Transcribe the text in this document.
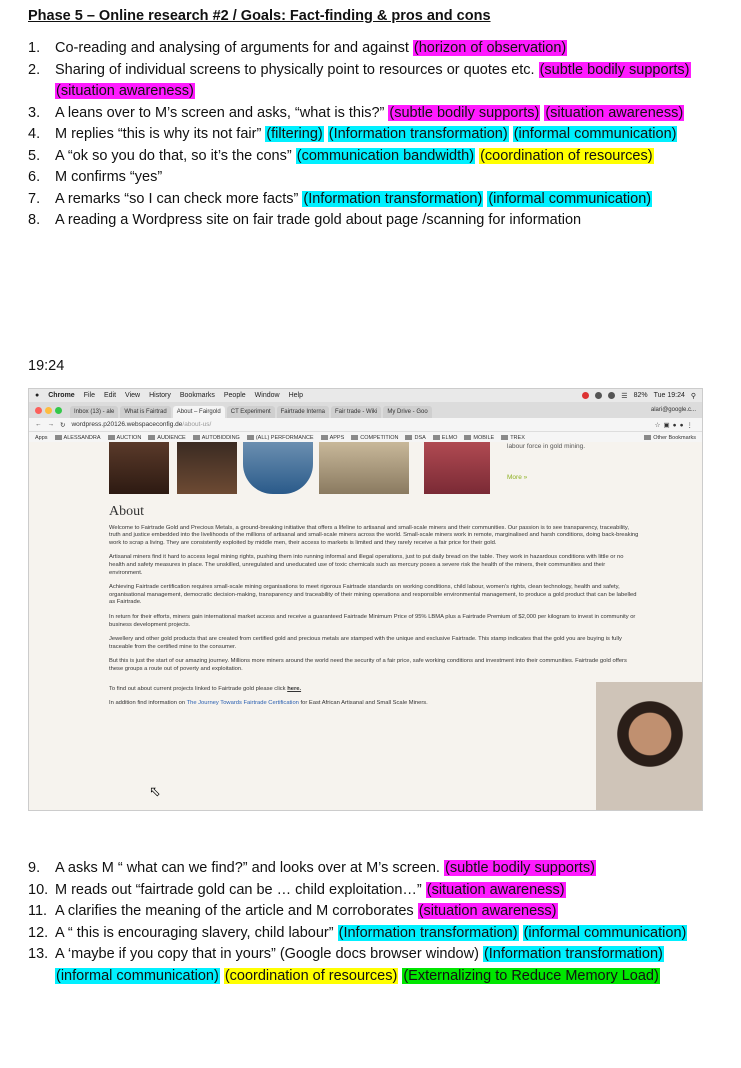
Phase 5 – Online research #2 / Goals: Fact-finding & pros and cons
1. Co-reading and analysing of arguments for and against (horizon of observation)
2. Sharing of individual screens to physically point to resources or quotes etc. (subtle bodily supports) (situation awareness)
3. A leans over to M’s screen and asks, “what is this?” (subtle bodily supports) (situation awareness)
4. M replies “this is why its not fair” (filtering) (Information transformation) (informal communication)
5. A “ok so you do that, so it’s the cons” (communication bandwidth) (coordination of resources)
6. M confirms “yes”
7. A remarks “so I can check more facts” (Information transformation) (informal communication)
8. A reading a Wordpress site on fair trade gold about page /scanning for information
19:24
● Chrome File Edit View History Bookmarks People Window Help	☰ 82% Tue 19:24 ⚲
Inbox (13) - ale	What is Fairtrad	About – Fairgold	CT Experiment	Fairtrade Interna	Fair trade - Wiki	My Drive - Goo	alari@google.c...
← → ↻ wordpress.p20126.webspaceconfig.de/about-us/	☆▣●●⋮
Apps	ALESSANDRA	AUCTION	AUDIENCE	AUTOBIDDING	(ALL) PERFORMANCE	APPS	COMPETITION	DSA	ELMO	MOBILE	TREX	Other Bookmarks
labour force in gold mining.
More »
About

Welcome to Fairtrade Gold and Precious Metals, a ground-breaking initiative that offers a lifeline to artisanal and small-scale miners and their communities. Our passion is to see transparency, traceability, truth and justice embedded into the livelihoods of the millions of artisanal and small-scale miners across the world. Small-scale miners work in remote, marginalised and harsh conditions, doing back-breaking work to scrap a living. They are consistently exploited by middle men, their access to markets is limited and they rarely receive a fair price for their gold.

Artisanal miners find it hard to access legal mining rights, pushing them into running informal and illegal operations, just to put daily bread on the table. They work in hazardous conditions with little or no health and safety measures in place. The unskilled, unregulated and uneducated use of toxic chemicals such as mercury poses a severe risk the health of the miners, their communities and their environment.

Achieving Fairtrade certification requires small-scale mining organisations to meet rigorous Fairtrade standards on working conditions, child labour, women’s rights, clean technology, health and safety, organisational management, democratic decision-making, transparency and traceability of their mining operations and responsible environmental management, to produce a gold product that can be labelled as Fairtrade.

In return for their efforts, miners gain international market access and receive a guaranteed Fairtrade Minimum Price of 95% LBMA plus a Fairtrade Premium of $2,000 per kilogram to invest in community or business development projects.

Jewellery and other gold products that are created from certified gold and precious metals are stamped with the unique and exclusive Fairtrade. This stamp indicates that the gold you are buying is fully traceable from the certified mine to the consumer.

But this is just the start of our amazing journey. Millions more miners around the world need the security of a fair price, safe working conditions and investment into their communities. Fairtrade gold offers these groups a route out of poverty and exploitation.

To find out about current projects linked to Fairtrade gold please click here.

In addition find information on The Journey Towards Fairtrade Certification for East African Artisanal and Small Scale Miners.

⬁
9. A asks M “ what can we find?” and looks over at M’s screen. (subtle bodily supports)
10. M reads out “fairtrade gold can be … child exploitation…” (situation awareness)
11. A clarifies the meaning of the article and M corroborates (situation awareness)
12. A “ this is encouraging slavery, child labour” (Information transformation) (informal communication)
13. A ‘maybe if you copy that in yours” (Google docs browser window) (Information transformation) (informal communication) (coordination of resources) (Externalizing to Reduce Memory Load)
